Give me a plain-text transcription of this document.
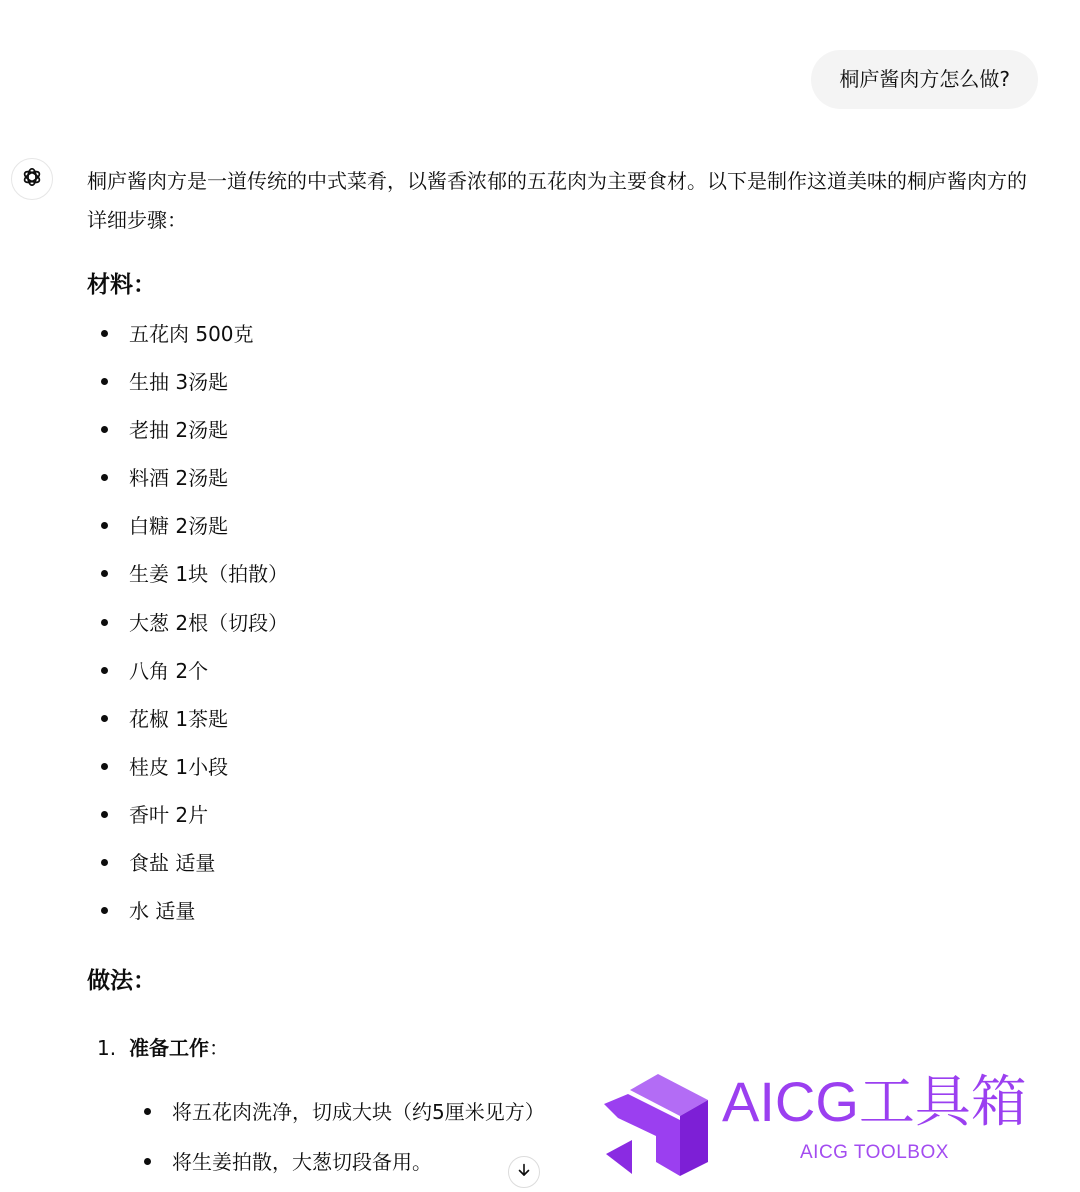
桐庐酱肉方怎么做?

桐庐酱肉方是一道传统的中式菜肴，以酱香浓郁的五花肉为主要食材。以下是制作这道美味的桐庐酱肉方的详细步骤：

材料：
五花肉 500克
生抽 3汤匙
老抽 2汤匙
料酒 2汤匙
白糖 2汤匙
生姜 1块（拍散）
大葱 2根（切段）
八角 2个
花椒 1茶匙
桂皮 1小段
香叶 2片
食盐 适量
水 适量
做法：
1. 准备工作：
将五花肉洗净，切成大块（约5厘米见方）
将生姜拍散，大葱切段备用。
AICG工具箱
AICG TOOLBOX
